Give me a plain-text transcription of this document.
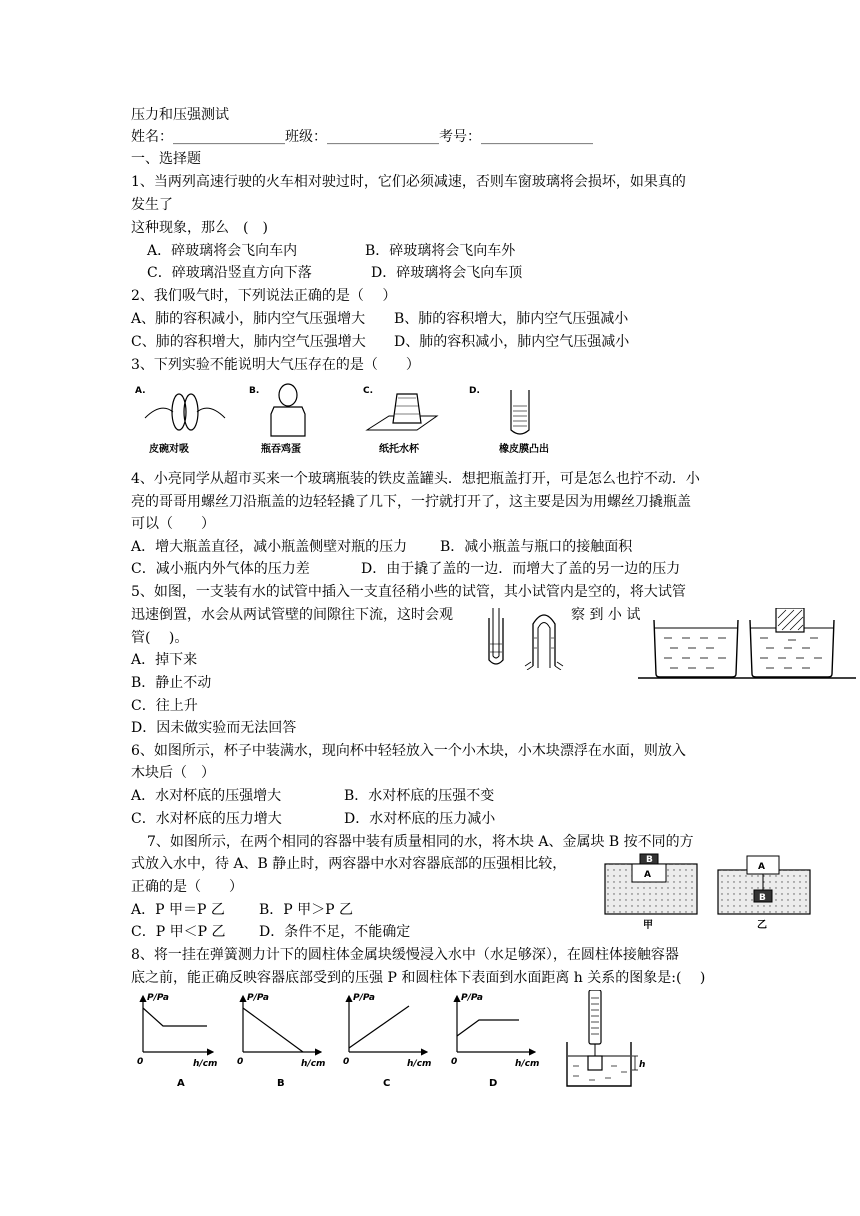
压力和压强测试
姓名：________________班级：________________考号：________________
一、选择题
1、当两列高速行驶的火车相对驶过时，它们必须减速，否则车窗玻璃将会损坏，如果真的
发生了
这种现象，那么　(　)
A．碎玻璃将会飞向车内	B．碎玻璃将会飞向车外
C．碎玻璃沿竖直方向下落	D．碎玻璃将会飞向车顶
2、我们吸气时，下列说法正确的是（　 ）
A、肺的容积减小，肺内空气压强增大 B、肺的容积增大，肺内空气压强减小
C、肺的容积增大，肺内空气压强增大 D、肺的容积减小，肺内空气压强减小
3、下列实验不能说明大气压存在的是（　　）
A.
皮碗对吸
B.
瓶吞鸡蛋
C.
纸托水杯
D.
橡皮膜凸出
4、小亮同学从超市买来一个玻璃瓶装的铁皮盖罐头．想把瓶盖打开，可是怎么也拧不动．小
亮的哥哥用螺丝刀沿瓶盖的边轻轻撬了几下，一拧就打开了，这主要是因为用螺丝刀撬瓶盖
可以（　　）
A．增大瓶盖直径，减小瓶盖侧壁对瓶的压力 B．减小瓶盖与瓶口的接触面积
C．减小瓶内外气体的压力差	D．由于撬了盖的一边．而增大了盖的另一边的压力
5、如图，一支装有水的试管中插入一支直径稍小些的试管，其小试管内是空的，将大试管
迅速倒置，水会从两试管壁的间隙往下流，这时会观	察 到 小 试
管(　 )。
A．掉下来
B．静止不动
C．往上升
D．因未做实验而无法回答
6、如图所示，杯子中装满水，现向杯中轻轻放入一个小木块，小木块漂浮在水面，则放入
木块后（　）
A．水对杯底的压强增大	B．水对杯底的压强不变
C．水对杯底的压力增大	D．水对杯底的压力减小
7、如图所示，在两个相同的容器中装有质量相同的水，将木块 A、金属块 B 按不同的方
式放入水中，待 A、B 静止时，两容器中水对容器底部的压强相比较，
正确的是（　　）
A．P 甲＝P 乙 B．P 甲＞P 乙
C．P 甲＜P 乙 D．条件不足，不能确定
A
B
甲
A
B
乙
8、将一挂在弹簧测力计下的圆柱体金属块缓慢浸入水中（水足够深），在圆柱体接触容器
底之前，能正确反映容器底部受到的压强 P 和圆柱体下表面到水面距离 h 关系的图象是:(　 )
P/Pa
0	h/cm
A
P/Pa
0	h/cm
B
P/Pa
0	h/cm
C
P/Pa
0	h/cm
D
h
